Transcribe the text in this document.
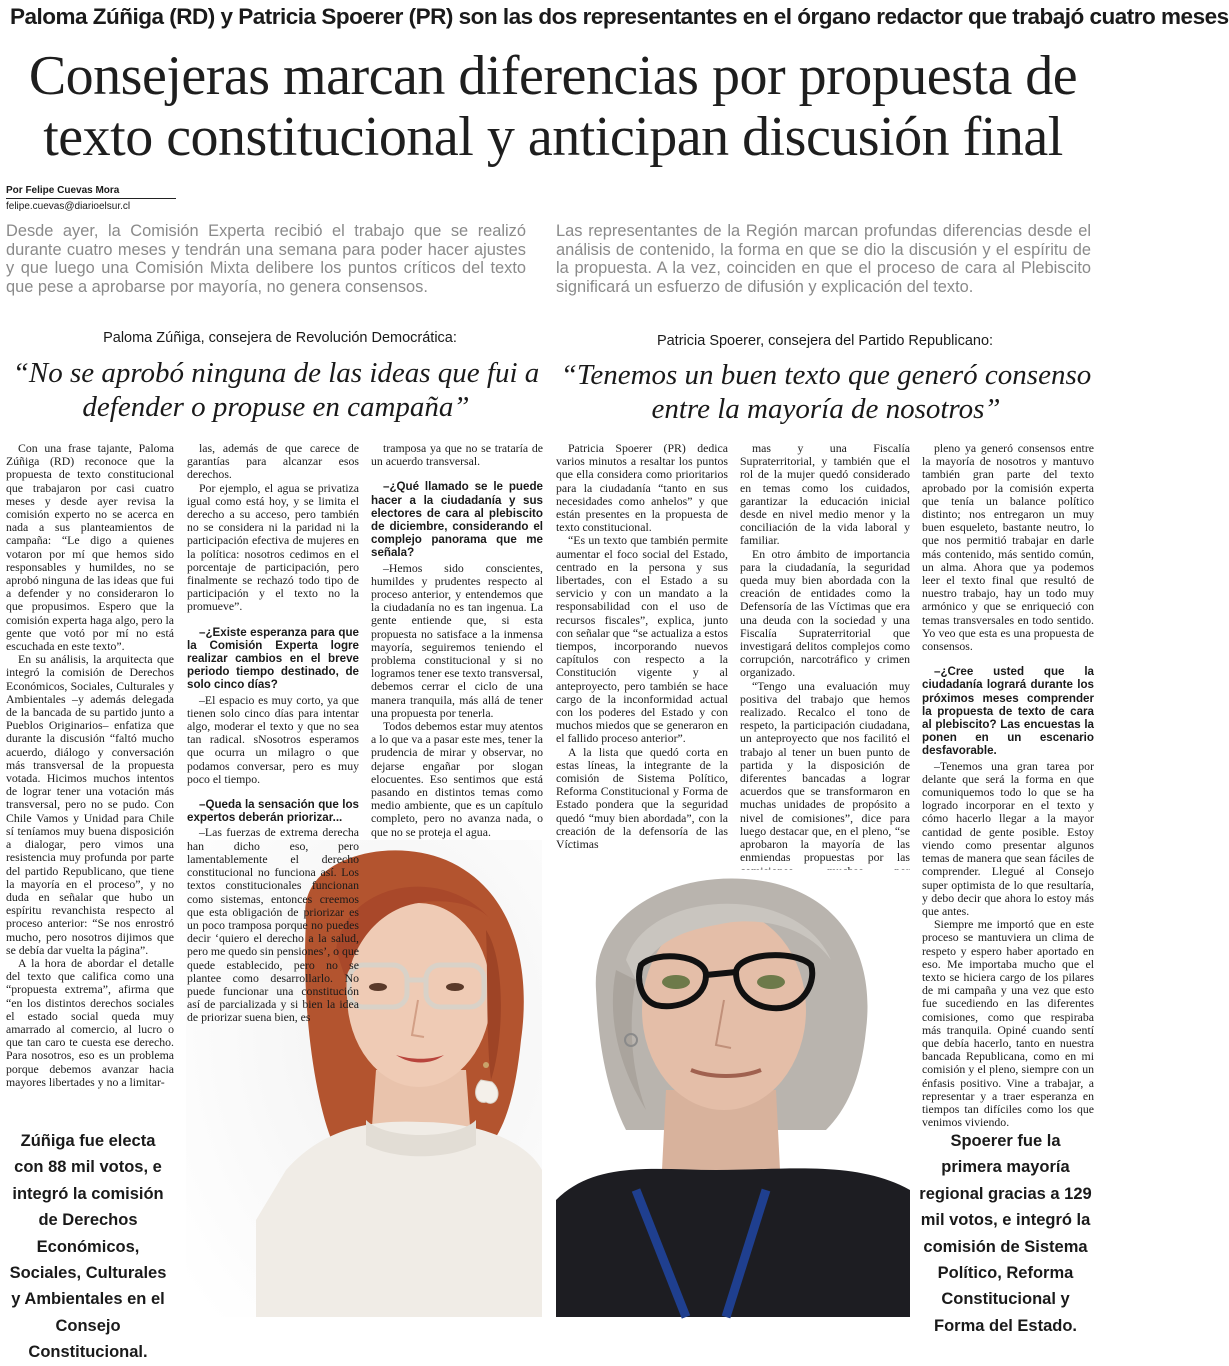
Paloma Zúñiga (RD) y Patricia Spoerer (PR) son las dos representantes en el órgano redactor que trabajó cuatro meses
Consejeras marcan diferencias por propuesta de texto constitucional y anticipan discusión final
Por Felipe Cuevas Mora
felipe.cuevas@diarioelsur.cl
Desde ayer, la Comisión Experta recibió el trabajo que se realizó durante cuatro meses y tendrán una semana para poder hacer ajustes y que luego una Comisión Mixta delibere los puntos críticos del texto que pese a aprobarse por mayoría, no genera consensos.
Las representantes de la Región marcan profundas diferencias desde el análisis de contenido, la forma en que se dio la discusión y el espíritu de la propuesta. A la vez, coinciden en que el proceso de cara al Plebiscito significará un esfuerzo de difusión y explicación del texto.
Paloma Zúñiga, consejera de Revolución Democrática:
“No se aprobó ninguna de las ideas que fui a defender o propuse en campaña”

Con una frase tajante, Paloma Zúñiga (RD) reconoce que la propuesta de texto constitucional que trabajaron por casi cuatro meses y desde ayer revisa la comisión experto no se acerca en nada a sus planteamientos de campaña: “Le digo a quienes votaron por mí que hemos sido responsables y humildes, no se aprobó ninguna de las ideas que fui a defender y no consideraron lo que propusimos. Espero que la comisión experta haga algo, pero la gente que votó por mí no está escuchada en este texto”.

En su análisis, la arquitecta que integró la comisión de Derechos Económicos, Sociales, Culturales y Ambientales –y además delegada de la bancada de su partido junto a Pueblos Originarios– enfatiza que durante la discusión “faltó mucho acuerdo, diálogo y conversación más transversal de la propuesta votada. Hicimos muchos intentos de lograr tener una votación más transversal, pero no se pudo. Con Chile Vamos y Unidad para Chile sí teníamos muy buena disposición a dialogar, pero vimos una resistencia muy profunda por parte del partido Republicano, que tiene la mayoría en el proceso”, y no duda en señalar que hubo un espíritu revanchista respecto al proceso anterior: “Se nos enrostró mucho, pero nosotros dijimos que se debía dar vuelta la página”.

A la hora de abordar el detalle del texto que califica como una “propuesta extrema”, afirma que “en los distintos derechos sociales el estado social queda muy amarrado al comercio, al lucro o que tan caro te cuesta ese derecho. Para nosotros, eso es un problema porque debemos avanzar hacia mayores libertades y no a limitar-

las, además de que carece de garantías para alcanzar esos derechos.

Por ejemplo, el agua se privatiza igual como está hoy, y se limita el derecho a su acceso, pero también no se considera ni la paridad ni la participación efectiva de mujeres en la política: nosotros cedimos en el porcentaje de participación, pero finalmente se rechazó todo tipo de participación y el texto no la promueve”.

–¿Existe esperanza para que la Comisión Experta logre realizar cambios en el breve periodo tiempo destinado, de solo cinco días?

–El espacio es muy corto, ya que tienen solo cinco días para intentar algo, moderar el texto y que no sea tan radical. sNosotros esperamos que ocurra un milagro o que podamos conversar, pero es muy poco el tiempo.

–Queda la sensación que los expertos deberán priorizar...

–Las fuerzas de extrema derecha han dicho eso, pero lamentablemente el derecho constitucional no funciona así. Los textos constitucionales funcionan como sistemas, entonces creemos que esta obligación de priorizar es un poco tramposa porque no puedes decir ‘quiero el derecho a la salud, pero me quedo sin pensiones’, o que quede establecido, pero no se plantee como desarrollarlo. No puede funcionar una constitución así de parcializada y si bien la idea de priorizar suena bien, es

tramposa ya que no se trataría de un acuerdo transversal.

–¿Qué llamado se le puede hacer a la ciudadanía y sus electores de cara al plebiscito de diciembre, considerando el complejo panorama que me señala?

–Hemos sido conscientes, humildes y prudentes respecto al proceso anterior, y entendemos que la ciudadanía no es tan ingenua. La gente entiende que, si esta propuesta no satisface a la inmensa mayoría, seguiremos teniendo el problema constitucional y si no logramos tener ese texto transversal, debemos cerrar el ciclo de una manera tranquila, más allá de tener una propuesta por tenerla.

Todos debemos estar muy atentos a lo que va a pasar este mes, tener la prudencia de mirar y observar, no dejarse engañar por slogan elocuentes. Eso sentimos que está pasando en distintos temas como medio ambiente, que es un capítulo completo, pero no avanza nada, o que no se proteja el agua.

Zúñiga fue electa con 88 mil votos, e integró la comisión de Derechos Económicos, Sociales, Culturales y Ambientales en el Consejo Constitucional.
Patricia Spoerer, consejera del Partido Republicano:
“Tenemos un buen texto que generó consenso entre la mayoría de nosotros”

Patricia Spoerer (PR) dedica varios minutos a resaltar los puntos que ella considera como prioritarios para la ciudadanía “tanto en sus necesidades como anhelos” y que están presentes en la propuesta de texto constitucional.

“Es un texto que también permite aumentar el foco social del Estado, centrado en la persona y sus libertades, con el Estado a su servicio y con un mandato a la responsabilidad con el uso de recursos fiscales”, explica, junto con señalar que “se actualiza a estos tiempos, incorporando nuevos capítulos con respecto a la Constitución vigente y al anteproyecto, pero también se hace cargo de la inconformidad actual con los poderes del Estado y con muchos miedos que se generaron en el fallido proceso anterior”.

A la lista que quedó corta en estas líneas, la integrante de la comisión de Sistema Político, Reforma Constitucional y Forma de Estado pondera que la seguridad quedó “muy bien abordada”, con la creación de la defensoría de las Víctimas

mas y una Fiscalía Supraterritorial, y también que el rol de la mujer quedó considerado en temas como los cuidados, garantizar la educación inicial desde en nivel medio menor y la conciliación de la vida laboral y familiar.

En otro ámbito de importancia para la ciudadanía, la seguridad queda muy bien abordada con la creación de entidades como la Defensoría de las Víctimas que era una deuda con la sociedad y una Fiscalía Supraterritorial que investigará delitos complejos como corrupción, narcotráfico y crimen organizado.

“Tengo una evaluación muy positiva del trabajo que hemos realizado. Recalco el tono de respeto, la participación ciudadana, un anteproyecto que nos facilitó el trabajo al tener un buen punto de partida y la disposición de diferentes bancadas a lograr acuerdos que se transformaron en muchas unidades de propósito a nivel de comisiones”, dice para luego destacar que, en el pleno, “se aprobaron la mayoría de las enmiendas propuestas por las

pleno ya generó consensos entre la mayoría de nosotros y mantuvo también gran parte del texto aprobado por la comisión experta que tenía un balance político distinto; nos entregaron un muy buen esqueleto, bastante neutro, lo que nos permitió trabajar en darle más contenido, más sentido común, un alma. Ahora que ya podemos leer el texto final que resultó de nuestro trabajo, hay un todo muy armónico y que se enriqueció con temas transversales en todo sentido. Yo veo que esta es una propuesta de consensos.

–¿Cree usted que la ciudadanía logrará durante los próximos meses comprender la propuesta de texto de cara al plebiscito? Las encuestas la ponen en un escenario desfavorable.

–Tenemos una gran tarea por delante que será la forma en que comuniquemos todo lo que se ha logrado incorporar en el texto y cómo hacerlo llegar a la mayor cantidad de gente posible. Estoy viendo como presentar algunos temas de manera que sean fáciles de comprender. Llegué al Consejo super optimista de lo que resultaría, y debo decir que ahora lo estoy más que antes.

Siempre me importó que en este proceso se mantuviera un clima de respeto y espero haber aportado en eso. Me importaba mucho que el texto se hiciera cargo de los pilares de mi campaña y una vez que esto fue sucediendo en las diferentes comisiones, como que respiraba más tranquila. Opiné cuando sentí que debía hacerlo, tanto en nuestra bancada Republicana, como en mi comisión y el pleno, siempre con un énfasis positivo. Vine a trabajar, a representar y a traer esperanza en tiempos tan difíciles como los que venimos viviendo.

Spoerer fue la primera mayoría regional gracias a 129 mil votos, e integró la comisión de Sistema Político, Reforma Constitucional y Forma del Estado.
